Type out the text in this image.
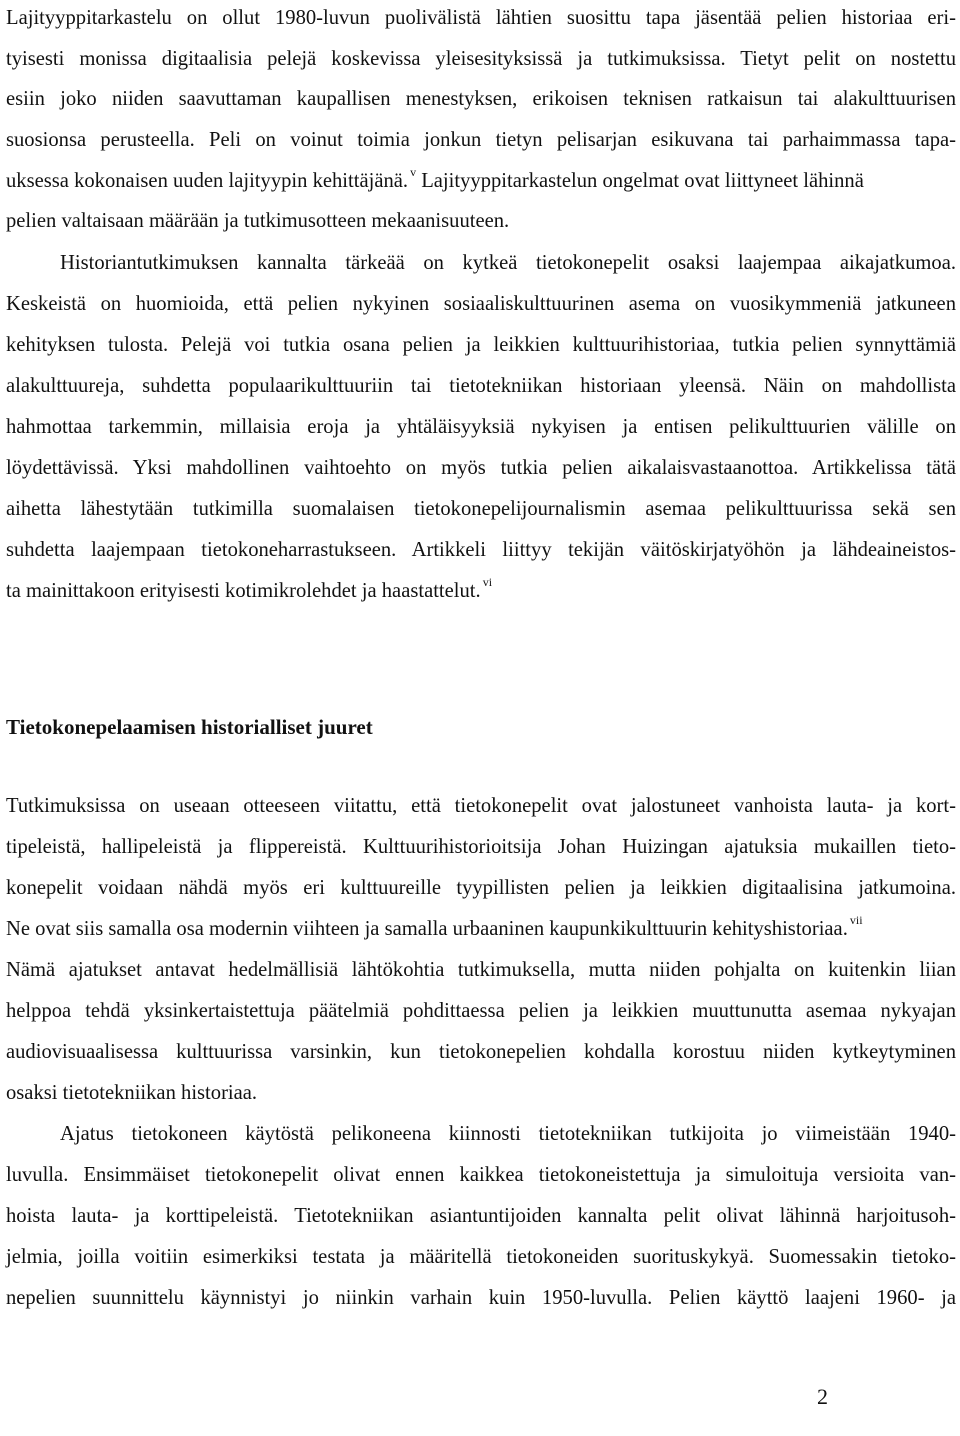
Lajityyppitarkastelu on ollut 1980-luvun puolivälistä lähtien suosittu tapa jäsentää pelien historiaa eri-
tyisesti monissa digitaalisia pelejä koskevissa yleisesityksissä ja tutkimuksissa. Tietyt pelit on nostettu
esiin joko niiden saavuttaman kaupallisen menestyksen, erikoisen teknisen ratkaisun tai alakulttuurisen
suosionsa perusteella. Peli on voinut toimia jonkun tietyn pelisarjan esikuvana tai parhaimmassa tapa-
uksessa kokonaisen uuden lajityypin kehittäjänä. $^v$ Lajityyppitarkastelun ongelmat ovat liittyneet lähinnä
pelien valtaisaan määrään ja tutkimusotteen mekaanisuuteen.
Historiantutkimuksen kannalta tärkeää on kytkeä tietokonepelit osaksi laajempaa aikajatkumoa.
Keskeistä on huomioida, että pelien nykyinen sosiaaliskulttuurinen asema on vuosikymmeniä jatkuneen
kehityksen tulosta. Pelejä voi tutkia osana pelien ja leikkien kulttuurihistoriaa, tutkia pelien synnyttämiä
alakulttuureja, suhdetta populaarikulttuuriin tai tietotekniikan historiaan yleensä. Näin on mahdollista
hahmottaa tarkemmin, millaisia eroja ja yhtäläisyyksiä nykyisen ja entisen pelikulttuurien välille on
löydettävissä. Yksi mahdollinen vaihtoehto on myös tutkia pelien aikalaisvastaanottoa. Artikkelissa tätä
aihetta lähestytään tutkimilla suomalaisen tietokonepelijournalismin asemaa pelikulttuurissa sekä sen
suhdetta laajempaan tietokoneharrastukseen. Artikkeli liittyy tekijän väitöskirjatyöhön ja lähdeaineistos-
ta mainittakoon erityisesti kotimikrolehdet ja haastattelut. $^{vi}$
Tietokonepelaamisen historialliset juuret
Tutkimuksissa on useaan otteeseen viitattu, että tietokonepelit ovat jalostuneet vanhoista lauta- ja kort-
tipeleistä, hallipeleistä ja flippereistä. Kulttuurihistorioitsija Johan Huizingan ajatuksia mukaillen tieto-
konepelit voidaan nähdä myös eri kulttuureille tyypillisten pelien ja leikkien digitaalisina jatkumoina.
Ne ovat siis samalla osa modernin viihteen ja samalla urbaaninen kaupunkikulttuurin kehityshistoriaa. $^{vii}$
Nämä ajatukset antavat hedelmällisiä lähtökohtia tutkimuksella, mutta niiden pohjalta on kuitenkin liian
helppoa tehdä yksinkertaistettuja päätelmiä pohdittaessa pelien ja leikkien muuttunutta asemaa nykyajan
audiovisuaalisessa kulttuurissa varsinkin, kun tietokonepelien kohdalla korostuu niiden kytkeytyminen
osaksi tietotekniikan historiaa.
Ajatus tietokoneen käytöstä pelikoneena kiinnosti tietotekniikan tutkijoita jo viimeistään 1940-
luvulla. Ensimmäiset tietokonepelit olivat ennen kaikkea tietokoneistettuja ja simuloituja versioita van-
hoista lauta- ja korttipeleistä. Tietotekniikan asiantuntijoiden kannalta pelit olivat lähinnä harjoitusoh-
jelmia, joilla voitiin esimerkiksi testata ja määritellä tietokoneiden suorituskykyä. Suomessakin tietoko-
nepelien suunnittelu käynnistyi jo niinkin varhain kuin 1950-luvulla. Pelien käyttö laajeni 1960- ja
2
